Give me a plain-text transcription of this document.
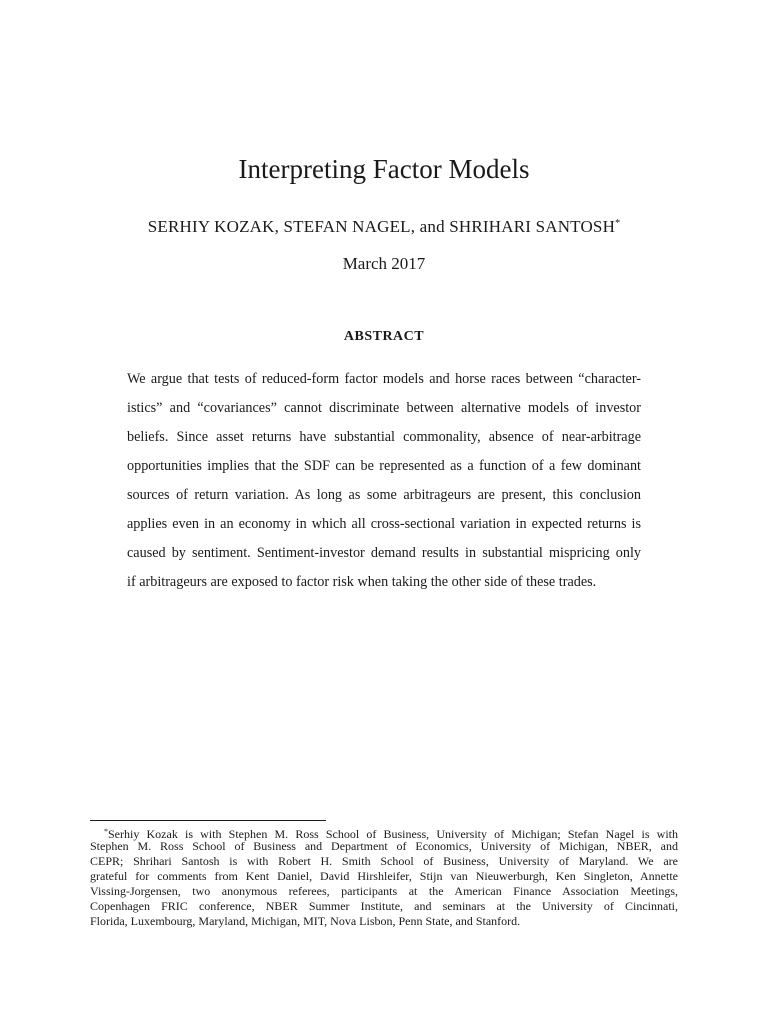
Interpreting Factor Models
SERHIY KOZAK, STEFAN NAGEL, and SHRIHARI SANTOSH*
March 2017
ABSTRACT
We argue that tests of reduced-form factor models and horse races between “character-
istics” and “covariances” cannot discriminate between alternative models of investor
beliefs. Since asset returns have substantial commonality, absence of near-arbitrage
opportunities implies that the SDF can be represented as a function of a few dominant
sources of return variation. As long as some arbitrageurs are present, this conclusion
applies even in an economy in which all cross-sectional variation in expected returns is
caused by sentiment. Sentiment-investor demand results in substantial mispricing only
if arbitrageurs are exposed to factor risk when taking the other side of these trades.
*Serhiy Kozak is with Stephen M. Ross School of Business, University of Michigan; Stefan Nagel is with
Stephen M. Ross School of Business and Department of Economics, University of Michigan, NBER, and
CEPR; Shrihari Santosh is with Robert H. Smith School of Business, University of Maryland. We are
grateful for comments from Kent Daniel, David Hirshleifer, Stijn van Nieuwerburgh, Ken Singleton, Annette
Vissing-Jorgensen, two anonymous referees, participants at the American Finance Association Meetings,
Copenhagen FRIC conference, NBER Summer Institute, and seminars at the University of Cincinnati,
Florida, Luxembourg, Maryland, Michigan, MIT, Nova Lisbon, Penn State, and Stanford.
